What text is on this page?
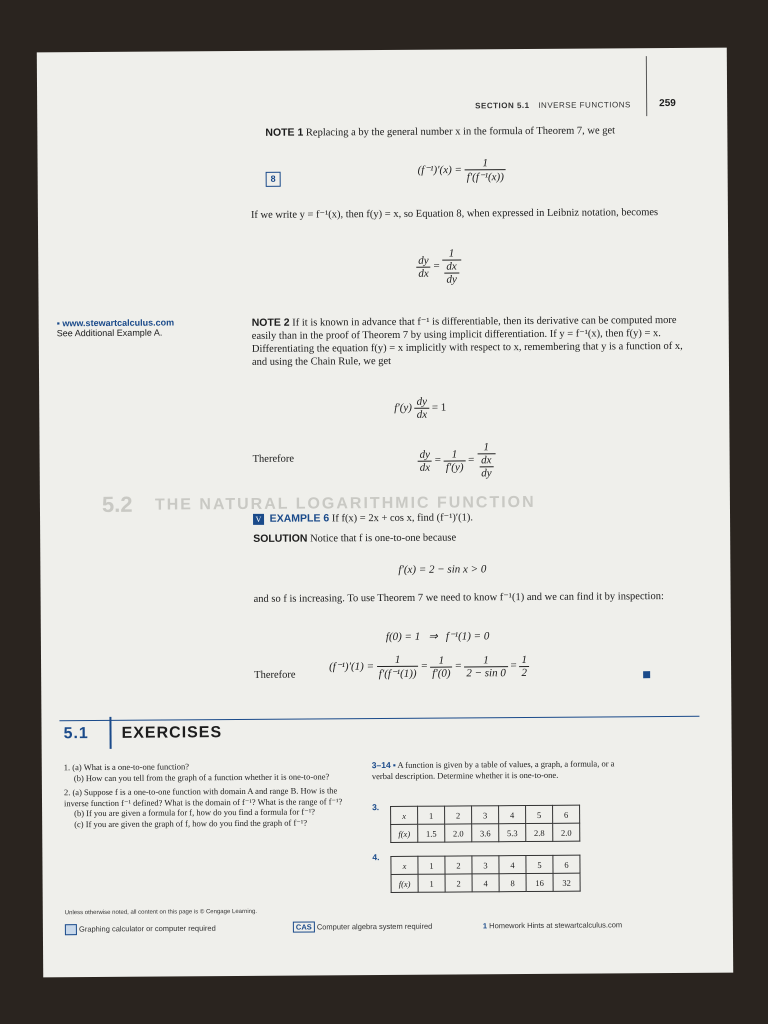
5.2 THE NATURAL LOGARITHMIC FUNCTION
SECTION 5.1 INVERSE FUNCTIONS	259
NOTE 1 Replacing a by the general number x in the formula of Theorem 7, we get
8
$(f^{-1})'(x) = \frac{1}{\text{f′(f⁻¹(x))}}$
If we write y = f⁻¹(x), then f(y) = x, so Equation 8, when expressed in Leibniz notation, becomes
$\frac{dy}{dx} = \frac{1}{\frac{dx}{dy}}$
▪ www.stewartcalculus.com
See Additional Example A.
NOTE 2 If it is known in advance that f⁻¹ is differentiable, then its derivative can be computed more easily than in the proof of Theorem 7 by using implicit differentiation. If y = f⁻¹(x), then f(y) = x. Differentiating the equation f(y) = x implicitly with respect to x, remembering that y is a function of x, and using the Chain Rule, we get
$f'(y) \frac{dy}{dx} = 1$
Therefore	$\frac{dy}{dx} = \frac{1}{f'(y)} = \frac{1}{\frac{dx}{dy}}$
V EXAMPLE 6 If f(x) = 2x + cos x, find (f⁻¹)′(1).
SOLUTION Notice that f is one-to-one because
f′(x) = 2 − sin x > 0
and so f is increasing. To use Theorem 7 we need to know f⁻¹(1) and we can find it by inspection:
f(0) = 1   ⇒   f⁻¹(1) = 0
Therefore
$(f^{-1})'(1) = \frac{1}{\text{f′(f⁻¹(1))}} = \frac{1}{f'(0)} = \frac{1}{2 - \sin 0} = \frac{1}{2}$
5.1 EXERCISES
1. (a) What is a one-to-one function?
(b) How can you tell from the graph of a function whether it is one-to-one?
2. (a) Suppose f is a one-to-one function with domain A and range B. How is the inverse function f⁻¹ defined? What is the domain of f⁻¹? What is the range of f⁻¹?
(b) If you are given a formula for f, how do you find a formula for f⁻¹?
(c) If you are given the graph of f, how do you find the graph of f⁻¹?
3–14 ▪ A function is given by a table of values, a graph, a formula, or a verbal description. Determine whether it is one-to-one.
3.
x	1	2	3	4	5	6
f(x)	1.5	2.0	3.6	5.3	2.8	2.0
4.
x	1	2	3	4	5	6
f(x)	1	2	4	8	16	32
Unless otherwise noted, all content on this page is © Cengage Learning.
Graphing calculator or computer required	CAS Computer algebra system required	1 Homework Hints at stewartcalculus.com
